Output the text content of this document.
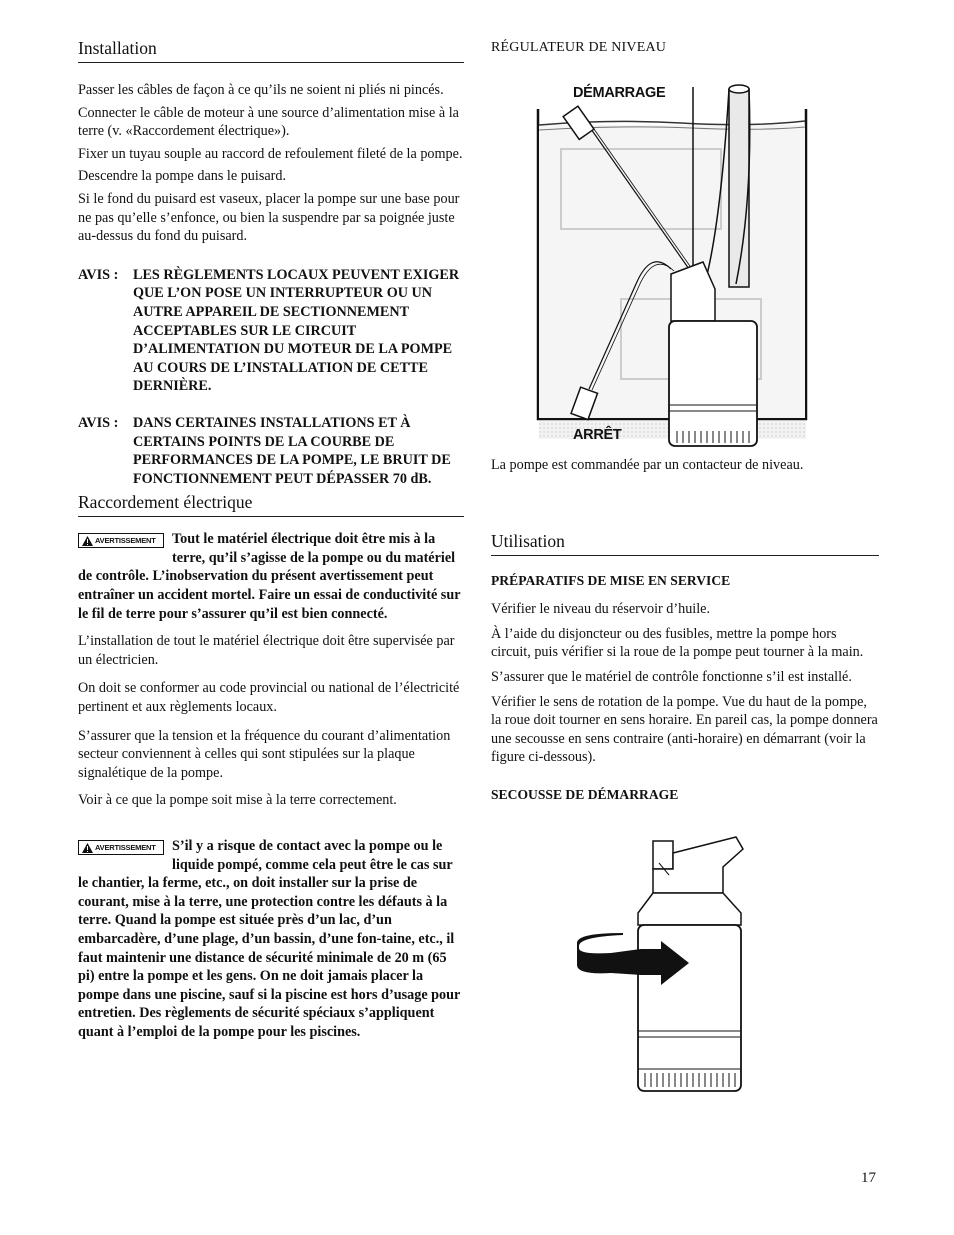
Installation

Passer les câbles de façon à ce qu’ils ne soient ni pliés ni pincés.

Connecter le câble de moteur à une source d’alimentation mise à la terre (v. «Raccordement électrique»).

Fixer un tuyau souple au raccord de refoulement fileté de la pompe.

Descendre la pompe dans le puisard.

Si le fond du puisard est vaseux, placer la pompe sur une base pour ne pas qu’elle s’enfonce, ou bien la suspendre par sa poignée juste au-dessus du fond du puisard.

AVIS :	LES RÈGLEMENTS LOCAUX PEUVENT EXIGER QUE L’ON POSE UN INTERRUPTEUR OU UN AUTRE APPAREIL DE SECTIONNEMENT ACCEPTABLES SUR LE CIRCUIT D’ALIMENTATION DU MOTEUR DE LA POMPE AU COURS DE L’INSTALLATION DE CETTE DERNIÈRE.
AVIS :	DANS CERTAINES INSTALLATIONS ET À CERTAINS POINTS DE LA COURBE DE PERFORMANCES DE LA POMPE, LE BRUIT DE FONCTIONNEMENT PEUT DÉPASSER 70 dB.
Raccordement électrique
AVERTISSEMENT	Tout le matériel électrique doit être mis à la terre, qu’il s’agisse de la pompe ou du matériel de contrôle. L’inobservation du présent avertissement peut entraîner un accident mortel. Faire un essai de conductivité sur le fil de terre pour s’assurer qu’il est bien connecté.

L’installation de tout le matériel électrique doit être supervisée par un électricien.

On doit se conformer au code provincial ou national de l’électricité pertinent et aux règlements locaux.

S’assurer que la tension et la fréquence du courant d’alimentation secteur conviennent à celles qui sont stipulées sur la plaque signalétique de la pompe.

Voir à ce que la pompe soit mise à la terre correctement.

AVERTISSEMENT	S’il y a risque de contact avec la pompe ou le liquide pompé, comme cela peut être le cas sur le chantier, la ferme, etc., on doit installer sur la prise de courant, mise à la terre, une protection contre les défauts à la terre. Quand la pompe est située près d’un lac, d’un embarcadère, d’une plage, d’un bassin, d’une fon-taine, etc., il faut maintenir une distance de sécurité minimale de 20 m (65 pi) entre la pompe et les gens. On ne doit jamais placer la pompe dans une piscine, sauf si la piscine est hors d’usage pour entretien. Des règlements de sécurité spéciaux s’appliquent quant à l’emploi de la pompe pour les piscines.

RÉGULATEUR DE NIVEAU
DÉMARRAGE
ARRÊT

La pompe est commandée par un contacteur de niveau.

Utilisation

PRÉPARATIFS DE MISE EN SERVICE

Vérifier le niveau du réservoir d’huile.

À l’aide du disjoncteur ou des fusibles, mettre la pompe hors circuit, puis vérifier si la roue de la pompe peut tourner à la main.

S’assurer que le matériel de contrôle fonctionne s’il est installé.

Vérifier le sens de rotation de la pompe. Vue du haut de la pompe, la roue doit tourner en sens horaire. En pareil cas, la pompe donnera une secousse en sens contraire (anti-horaire) en démarrant (voir la figure ci-dessous).

SECOUSSE DE DÉMARRAGE

17
